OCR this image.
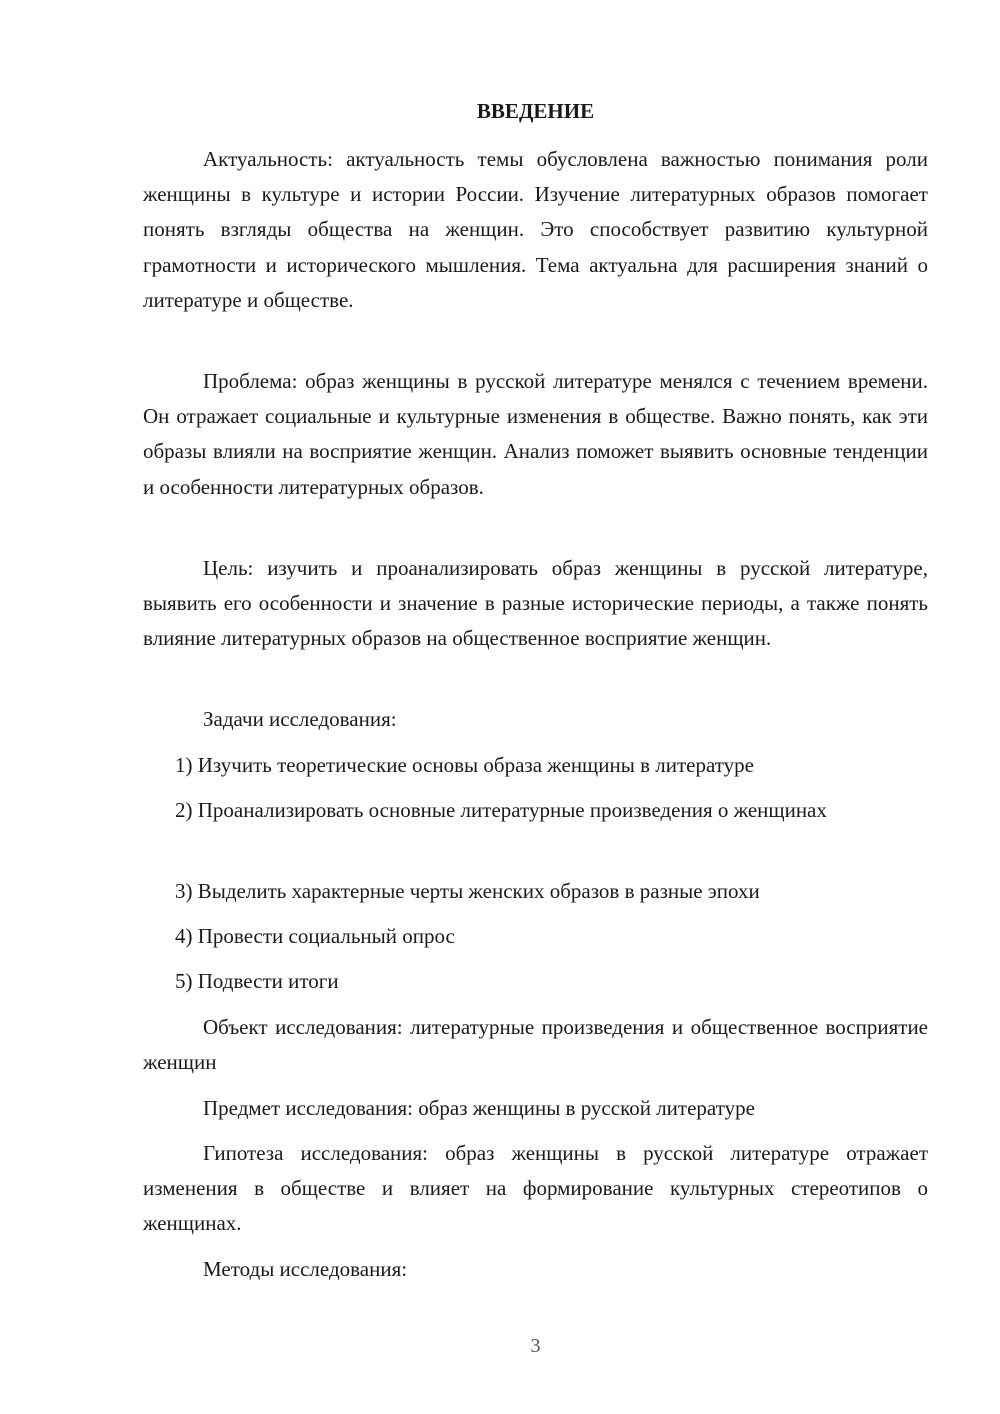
ВВЕДЕНИЕ

Актуальность: актуальность темы обусловлена важностью понимания роли женщины в культуре и истории России. Изучение литературных образов помогает понять взгляды общества на женщин. Это способствует развитию культурной грамотности и исторического мышления. Тема актуальна для расширения знаний о литературе и обществе.

Проблема: образ женщины в русской литературе менялся с течением времени. Он отражает социальные и культурные изменения в обществе. Важно понять, как эти образы влияли на восприятие женщин. Анализ поможет выявить основные тенденции и особенности литературных образов.

Цель: изучить и проанализировать образ женщины в русской литературе, выявить его особенности и значение в разные исторические периоды, а также понять влияние литературных образов на общественное восприятие женщин.

Задачи исследования:

1) Изучить теоретические основы образа женщины в литературе

2) Проанализировать основные литературные произведения о женщинах

3) Выделить характерные черты женских образов в разные эпохи

4) Провести социальный опрос

5) Подвести итоги

Объект исследования: литературные произведения и общественное восприятие женщин

Предмет исследования: образ женщины в русской литературе

Гипотеза исследования: образ женщины в русской литературе отражает изменения в обществе и влияет на формирование культурных стереотипов о женщинах.

Методы исследования:

3
